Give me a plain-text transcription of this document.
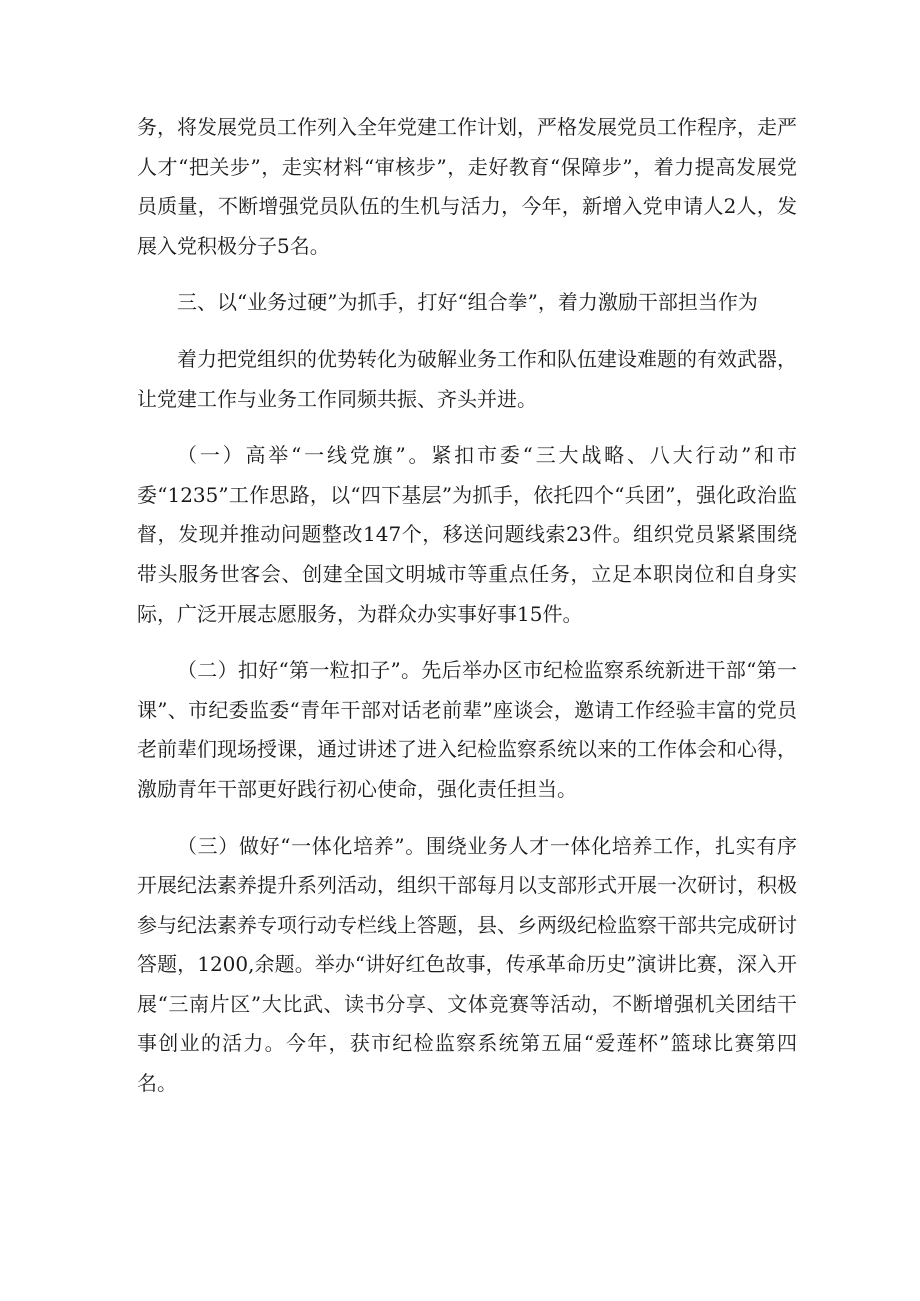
务，将发展党员工作列入全年党建工作计划，严格发展党员工作程序，走严人才“把关步”，走实材料“审核步”，走好教育“保障步”，着力提高发展党员质量，不断增强党员队伍的生机与活力，今年，新增入党申请人2人，发展入党积极分子5名。

三、以“业务过硬”为抓手，打好“组合拳”，着力激励干部担当作为

着力把党组织的优势转化为破解业务工作和队伍建设难题的有效武器，让党建工作与业务工作同频共振、齐头并进。

（一）高举“一线党旗”。紧扣市委“三大战略、八大行动”和市委“1235”工作思路，以“四下基层”为抓手，依托四个“兵团”，强化政治监督，发现并推动问题整改147个，移送问题线索23件。组织党员紧紧围绕带头服务世客会、创建全国文明城市等重点任务，立足本职岗位和自身实际，广泛开展志愿服务，为群众办实事好事15件。

（二）扣好“第一粒扣子”。先后举办区市纪检监察系统新进干部“第一课”、市纪委监委“青年干部对话老前辈”座谈会，邀请工作经验丰富的党员老前辈们现场授课，通过讲述了进入纪检监察系统以来的工作体会和心得，激励青年干部更好践行初心使命，强化责任担当。

（三）做好“一体化培养”。围绕业务人才一体化培养工作，扎实有序开展纪法素养提升系列活动，组织干部每月以支部形式开展一次研讨，积极参与纪法素养专项行动专栏线上答题，县、乡两级纪检监察干部共完成研讨答题，1200,余题。举办“讲好红色故事，传承革命历史”演讲比赛，深入开展“三南片区”大比武、读书分享、文体竞赛等活动，不断增强机关团结干事创业的活力。今年，获市纪检监察系统第五届“爱莲杯”篮球比赛第四名。
